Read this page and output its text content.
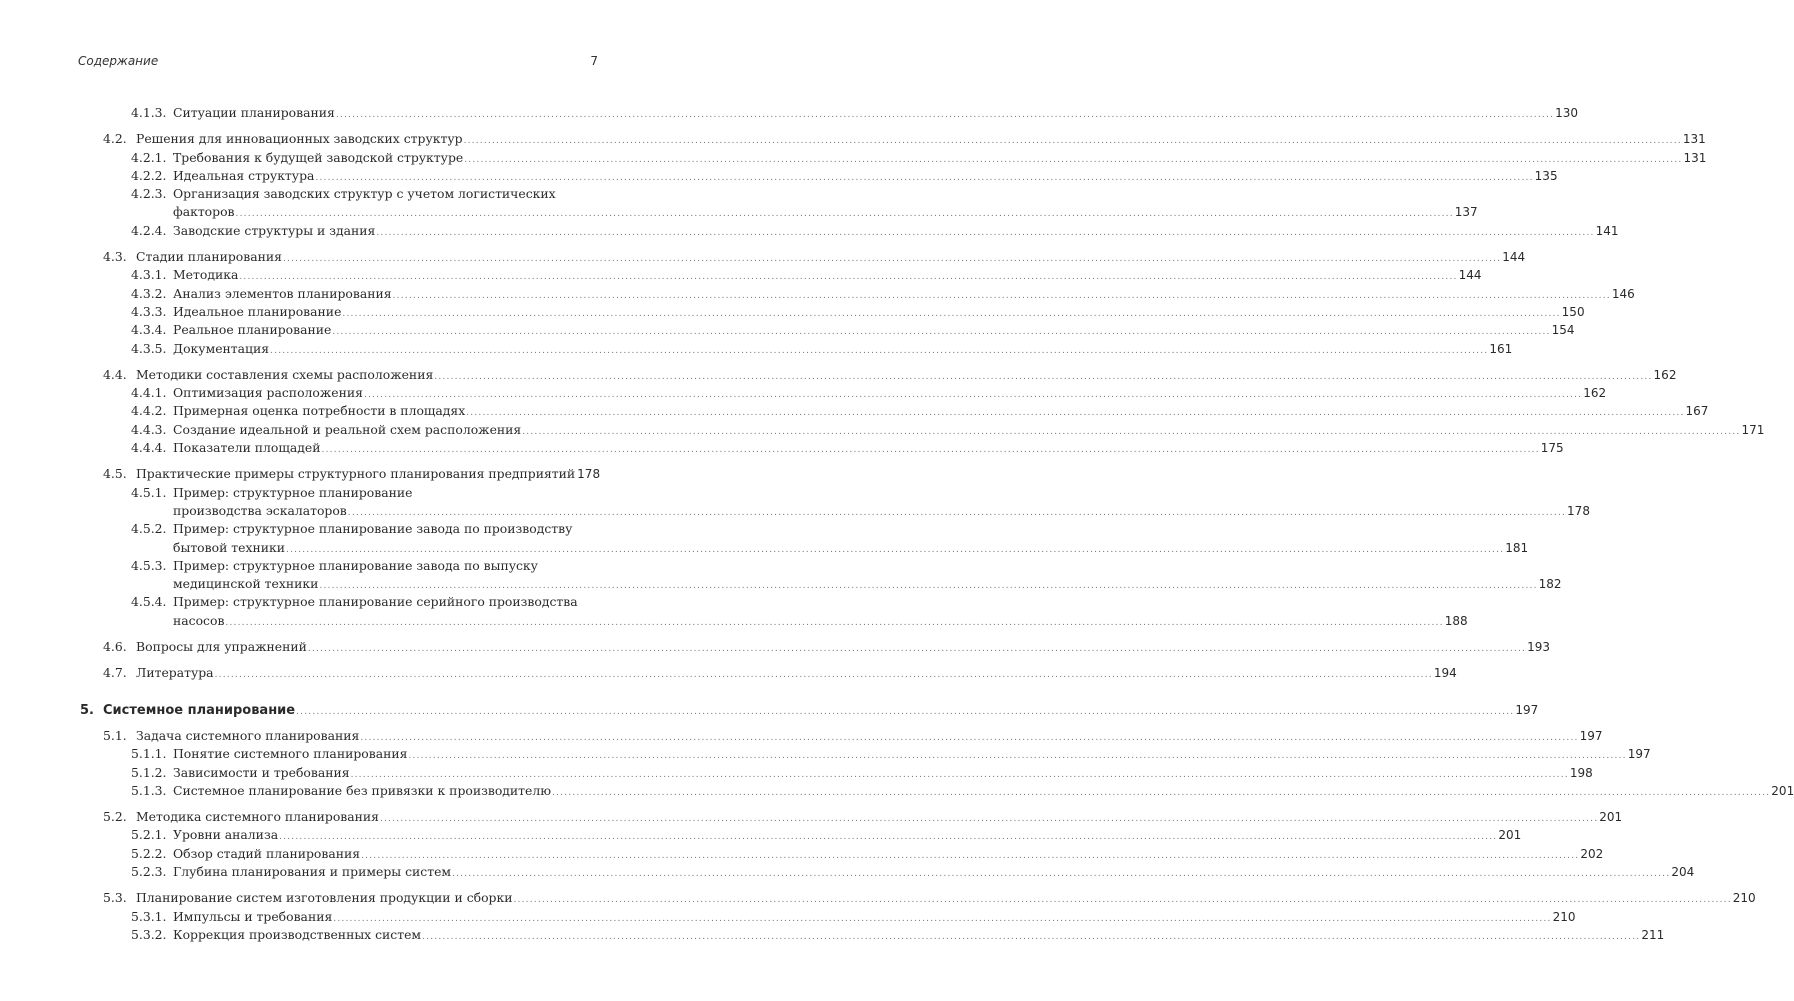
Содержание	7
4.1.3. Ситуации планирования ............................................................................................................................................................................................................................................................................................................ 130
4.2. Решения для инновационных заводских структур ............................................................................................................................................................................................................................................................................................................ 131
4.2.1. Требования к будущей заводской структуре ............................................................................................................................................................................................................................................................................................................ 131
4.2.2. Идеальная структура ............................................................................................................................................................................................................................................................................................................ 135
4.2.3. Организация заводских структур с учетом логистических
факторов ............................................................................................................................................................................................................................................................................................................ 137
4.2.4. Заводские структуры и здания ............................................................................................................................................................................................................................................................................................................ 141
4.3. Стадии планирования ............................................................................................................................................................................................................................................................................................................ 144
4.3.1. Методика ............................................................................................................................................................................................................................................................................................................ 144
4.3.2. Анализ элементов планирования ............................................................................................................................................................................................................................................................................................................ 146
4.3.3. Идеальное планирование ............................................................................................................................................................................................................................................................................................................ 150
4.3.4. Реальное планирование ............................................................................................................................................................................................................................................................................................................ 154
4.3.5. Документация ............................................................................................................................................................................................................................................................................................................ 161
4.4. Методики составления схемы расположения ............................................................................................................................................................................................................................................................................................................ 162
4.4.1. Оптимизация расположения ............................................................................................................................................................................................................................................................................................................ 162
4.4.2. Примерная оценка потребности в площадях ............................................................................................................................................................................................................................................................................................................ 167
4.4.3. Создание идеальной и реальной схем расположения ............................................................................................................................................................................................................................................................................................................ 171
4.4.4. Показатели площадей ............................................................................................................................................................................................................................................................................................................ 175
4.5. Практические примеры структурного планирования предприятий 178
4.5.1. Пример: структурное планирование
производства эскалаторов ............................................................................................................................................................................................................................................................................................................ 178
4.5.2. Пример: структурное планирование завода по производству
бытовой техники ............................................................................................................................................................................................................................................................................................................ 181
4.5.3. Пример: структурное планирование завода по выпуску
медицинской техники ............................................................................................................................................................................................................................................................................................................ 182
4.5.4. Пример: структурное планирование серийного производства
насосов ............................................................................................................................................................................................................................................................................................................ 188
4.6. Вопросы для упражнений ............................................................................................................................................................................................................................................................................................................ 193
4.7. Литература ............................................................................................................................................................................................................................................................................................................ 194
5. Системное планирование ............................................................................................................................................................................................................................................................................................................ 197
5.1. Задача системного планирования ............................................................................................................................................................................................................................................................................................................ 197
5.1.1. Понятие системного планирования ............................................................................................................................................................................................................................................................................................................ 197
5.1.2. Зависимости и требования ............................................................................................................................................................................................................................................................................................................ 198
5.1.3. Системное планирование без привязки к производителю ............................................................................................................................................................................................................................................................................................................ 201
5.2. Методика системного планирования ............................................................................................................................................................................................................................................................................................................ 201
5.2.1. Уровни анализа ............................................................................................................................................................................................................................................................................................................ 201
5.2.2. Обзор стадий планирования ............................................................................................................................................................................................................................................................................................................ 202
5.2.3. Глубина планирования и примеры систем ............................................................................................................................................................................................................................................................................................................ 204
5.3. Планирование систем изготовления продукции и сборки ............................................................................................................................................................................................................................................................................................................ 210
5.3.1. Импульсы и требования ............................................................................................................................................................................................................................................................................................................ 210
5.3.2. Коррекция производственных систем ............................................................................................................................................................................................................................................................................................................ 211
